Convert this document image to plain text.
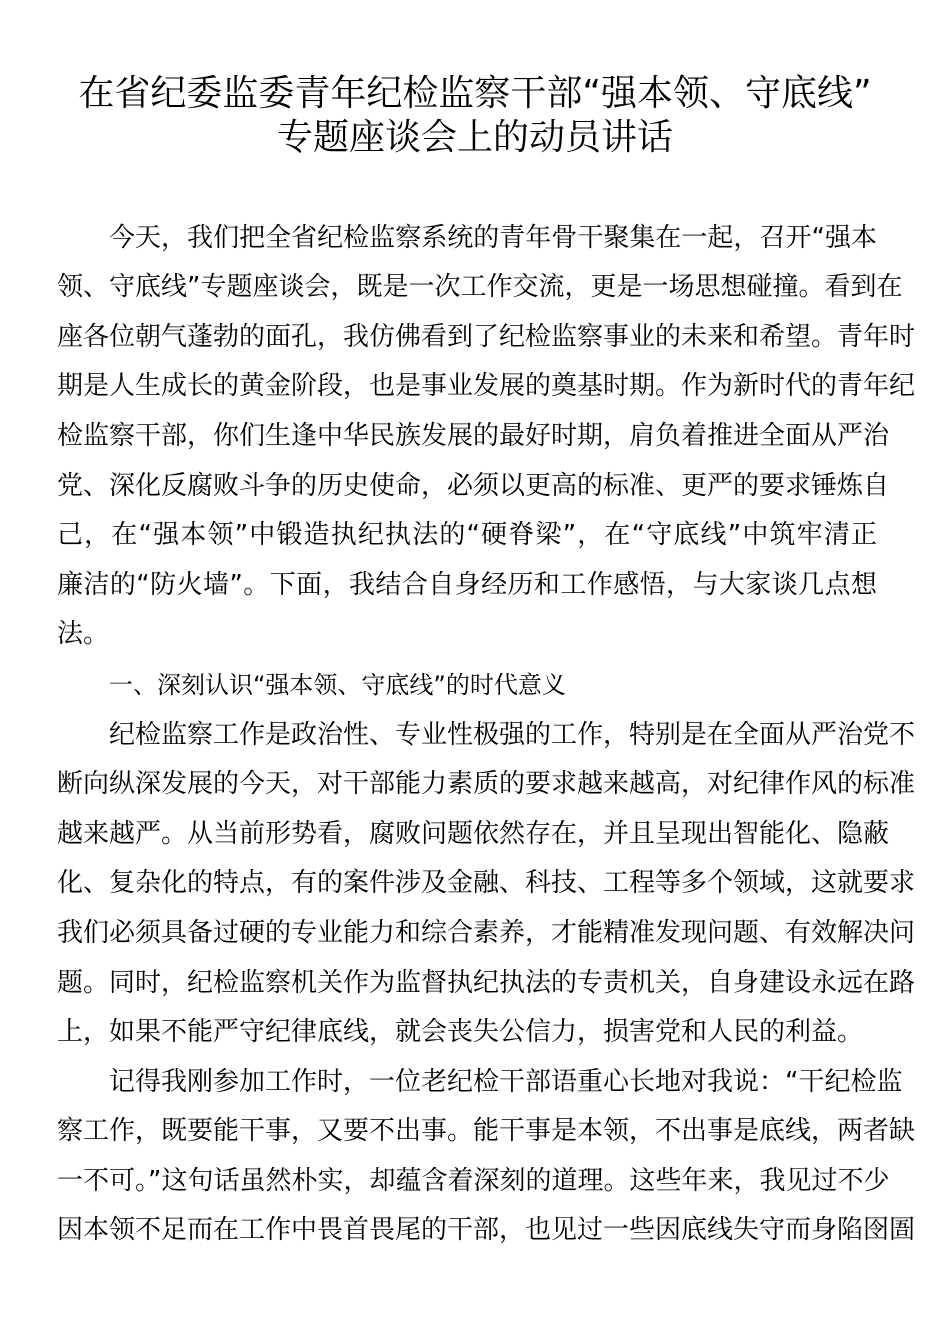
在省纪委监委青年纪检监察干部“强本领、守底线”
专题座谈会上的动员讲话
今天，我们把全省纪检监察系统的青年骨干聚集在一起，召开“强本
领、守底线”专题座谈会，既是一次工作交流，更是一场思想碰撞。看到在
座各位朝气蓬勃的面孔，我仿佛看到了纪检监察事业的未来和希望。青年时
期是人生成长的黄金阶段，也是事业发展的奠基时期。作为新时代的青年纪
检监察干部，你们生逢中华民族发展的最好时期，肩负着推进全面从严治
党、深化反腐败斗争的历史使命，必须以更高的标准、更严的要求锤炼自
己，在“强本领”中锻造执纪执法的“硬脊梁”，在“守底线”中筑牢清正
廉洁的“防火墙”。下面，我结合自身经历和工作感悟，与大家谈几点想
法。
一、深刻认识“强本领、守底线”的时代意义
纪检监察工作是政治性、专业性极强的工作，特别是在全面从严治党不
断向纵深发展的今天，对干部能力素质的要求越来越高，对纪律作风的标准
越来越严。从当前形势看，腐败问题依然存在，并且呈现出智能化、隐蔽
化、复杂化的特点，有的案件涉及金融、科技、工程等多个领域，这就要求
我们必须具备过硬的专业能力和综合素养，才能精准发现问题、有效解决问
题。同时，纪检监察机关作为监督执纪执法的专责机关，自身建设永远在路
上，如果不能严守纪律底线，就会丧失公信力，损害党和人民的利益。
记得我刚参加工作时，一位老纪检干部语重心长地对我说：“干纪检监
察工作，既要能干事，又要不出事。能干事是本领，不出事是底线，两者缺
一不可。”这句话虽然朴实，却蕴含着深刻的道理。这些年来，我见过不少
因本领不足而在工作中畏首畏尾的干部，也见过一些因底线失守而身陷囹圄
